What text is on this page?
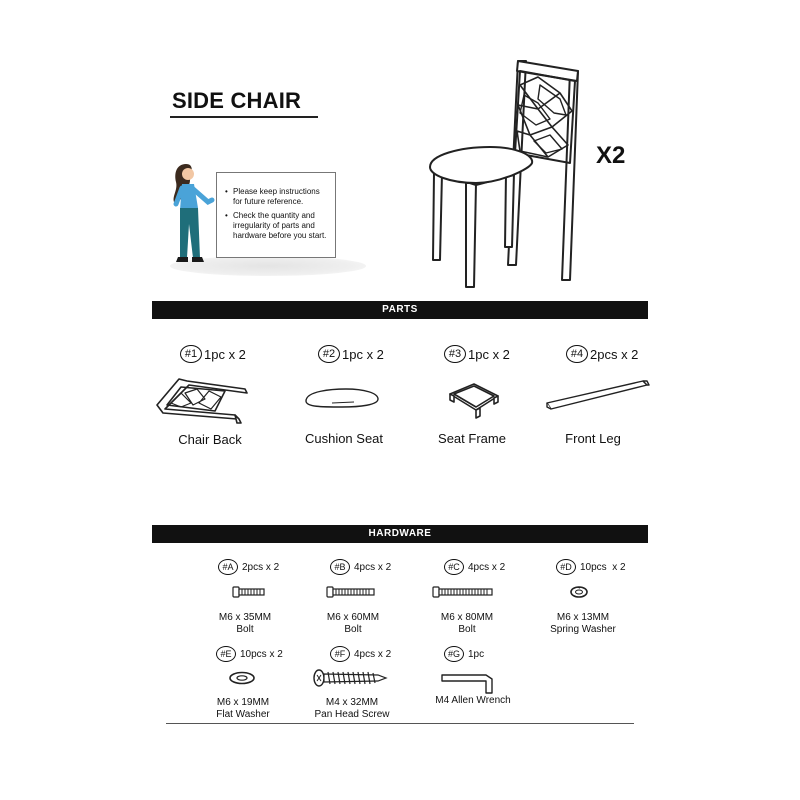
SIDE CHAIR
X2
• Please keep instructions for future reference.
• Check the quantity and irregularity of parts and hardware before you start.
PARTS
#1 1pc x 2
Chair Back
#2 1pc x 2
Cushion Seat
#3 1pc x 2
Seat Frame
#4 2pcs x 2
Front Leg
HARDWARE
#A 2pcs x 2
M6 x 35MM
Bolt
#B 4pcs x 2
M6 x 60MM
Bolt
#C 4pcs x 2
M6 x 80MM
Bolt
#D 10pcs  x 2
M6 x 13MM
Spring Washer
#E 10pcs x 2
M6 x 19MM
Flat Washer
#F 4pcs x 2
M4 x 32MM
Pan Head Screw
#G 1pc
M4 Allen Wrench
